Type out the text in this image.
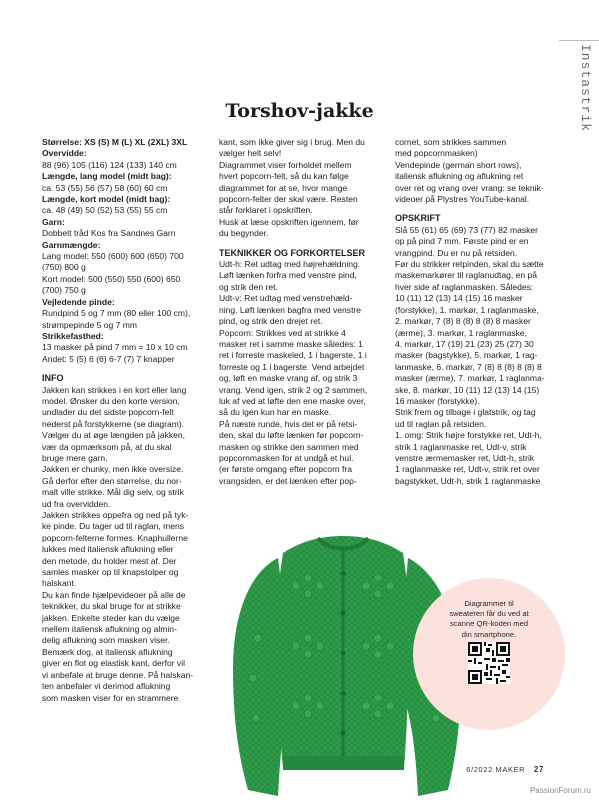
Instastrik
Torshov-jakke

Størrelse: XS (S) M (L) XL (2XL) 3XL

Overvidde:

88 (96) 105 (116) 124 (133) 140 cm

Længde, lang model (midt bag):

ca. 53 (55) 56 (57) 58 (60) 60 cm

Længde, kort model (midt bag):

ca. 48 (49) 50 (52) 53 (55) 55 cm

Garn:

Dobbelt tråd Kos fra Sandnes Garn

Garnmængde:

Lang model: 550 (600) 600 (650) 700

(750) 800 g

Kort model: 500 (550) 550 (600) 650

(700) 750 g

Vejledende pinde:

Rundpind 5 og 7 mm (80 eller 100 cm),

strømpepinde 5 og 7 mm

Strikkefasthed:

13 masker på pind 7 mm = 10 x 10 cm

Andet: 5 (5) 6 (6) 6-7 (7) 7 knapper

INFO

Jakken kan strikkes i en kort eller lang

model. Ønsker du den korte version,

undlader du det sidste popcorn-felt

nederst på forstykkerne (se diagram).

Vælger du at øge længden på jakken,

vær da opmærksom på, at du skal

bruge mere garn.

Jakken er chunky, men ikke oversize.

Gå derfor efter den størrelse, du nor-

malt ville strikke. Mål dig selv, og strik

ud fra overvidden.

Jakken strikkes oppefra og ned på tyk-

ke pinde. Du tager ud til raglan, mens

popcorn-felterne formes. Knaphullerne

lukkes med italiensk aflukning eller

den metode, du holder mest af. Der

samles masker op til knapstolper og

halskant.

Du kan finde hjælpevideoer på alle de

teknikker, du skal bruge for at strikke

jakken. Enkelte steder kan du vælge

mellem italiensk aflukning og almin-

delig aflukning som masken viser.

Bemærk dog, at italiensk aflukning

giver en flot og elastisk kant, derfor vil

vi anbefale at bruge denne. På halskan-

ten anbefaler vi derimod aflukning

som masken viser for en strammere

kant, som ikke giver sig i brug. Men du

vælger helt selv!

Diagrammet viser forholdet mellem

hvert popcorn-felt, så du kan følge

diagrammet for at se, hvor mange

popcorn-felter der skal være. Resten

står forklaret i opskriften.

Husk at læse opskriften igennem, før

du begynder.

TEKNIKKER OG FORKORTELSER

Udt-h: Ret udtag med højrehældning.

Løft lænken forfra med venstre pind,

og strik den ret.

Udt-v: Ret udtag med venstrehæld-

ning. Løft lænken bagfra med venstre

pind, og strik den drejet ret.

Popcorn: Strikkes ved at strikke 4

masker ret i samme maske således: 1

ret i forreste maskeled, 1 i bagerste, 1 i

forreste og 1 i bagerste. Vend arbejdet

og, løft en maske vrang af, og strik 3

vrang. Vend igen, strik 2 og 2 sammen,

luk af ved at løfte den ene maske over,

så du igen kun har en maske.

På næste runde, hvis det er på retsi-

den, skal du løfte lænken før popcorn-

masken og strikke den sammen med

popcornmasken for at undgå et hul.

(er første omgang efter popcorn fra

vrangsiden, er det lænken efter pop-

cornet, som strikkes sammen

med popcornmasken)

Vendepinde (german short rows),

italiensk aflukning og aflukning ret

over ret og vrang over vrang: se teknik-

videoer på Plystres YouTube-kanal.

OPSKRIFT

Slå 55 (61) 65 (69) 73 (77) 82 masker

op på pind 7 mm. Første pind er en

vrangpind. Du er nu på retsiden.

Før du strikker retpinden, skal du sætte

maskemarkører til raglanudtag, en på

hver side af raglanmasken. Således:

10 (11) 12 (13) 14 (15) 16 masker

(forstykke), 1. markør, 1 raglanmaske,

2. markør, 7 (8) 8 (8) 8 (8) 8 masker

(ærme), 3. markør, 1 raglanmaske,

4. markør, 17 (19) 21 (23) 25 (27) 30

masker (bagstykke), 5. markør, 1 rag-

lanmaske, 6. markør, 7 (8) 8 (8) 8 (8) 8

masker (ærme), 7. markør, 1 raglanma-

ske, 8. markør, 10 (11) 12 (13) 14 (15)

16 masker (forstykke).

Strik frem og tilbage i glatstrik, og tag

ud til raglan på retsiden.

1. omg: Strik højre forstykke ret, Udt-h,

strik 1 raglanmaske ret, Udt-v, strik

venstre ærmemasker ret, Udt-h, strik

1 raglanmaske ret, Udt-v, strik ret over

bagstykket, Udt-h, strik 1 raglanmaske

Diagrammer til
sweateren får du ved at
scanne QR-koden med
din smartphone.
6/2022 MAKER 27
PassionForum.ru
